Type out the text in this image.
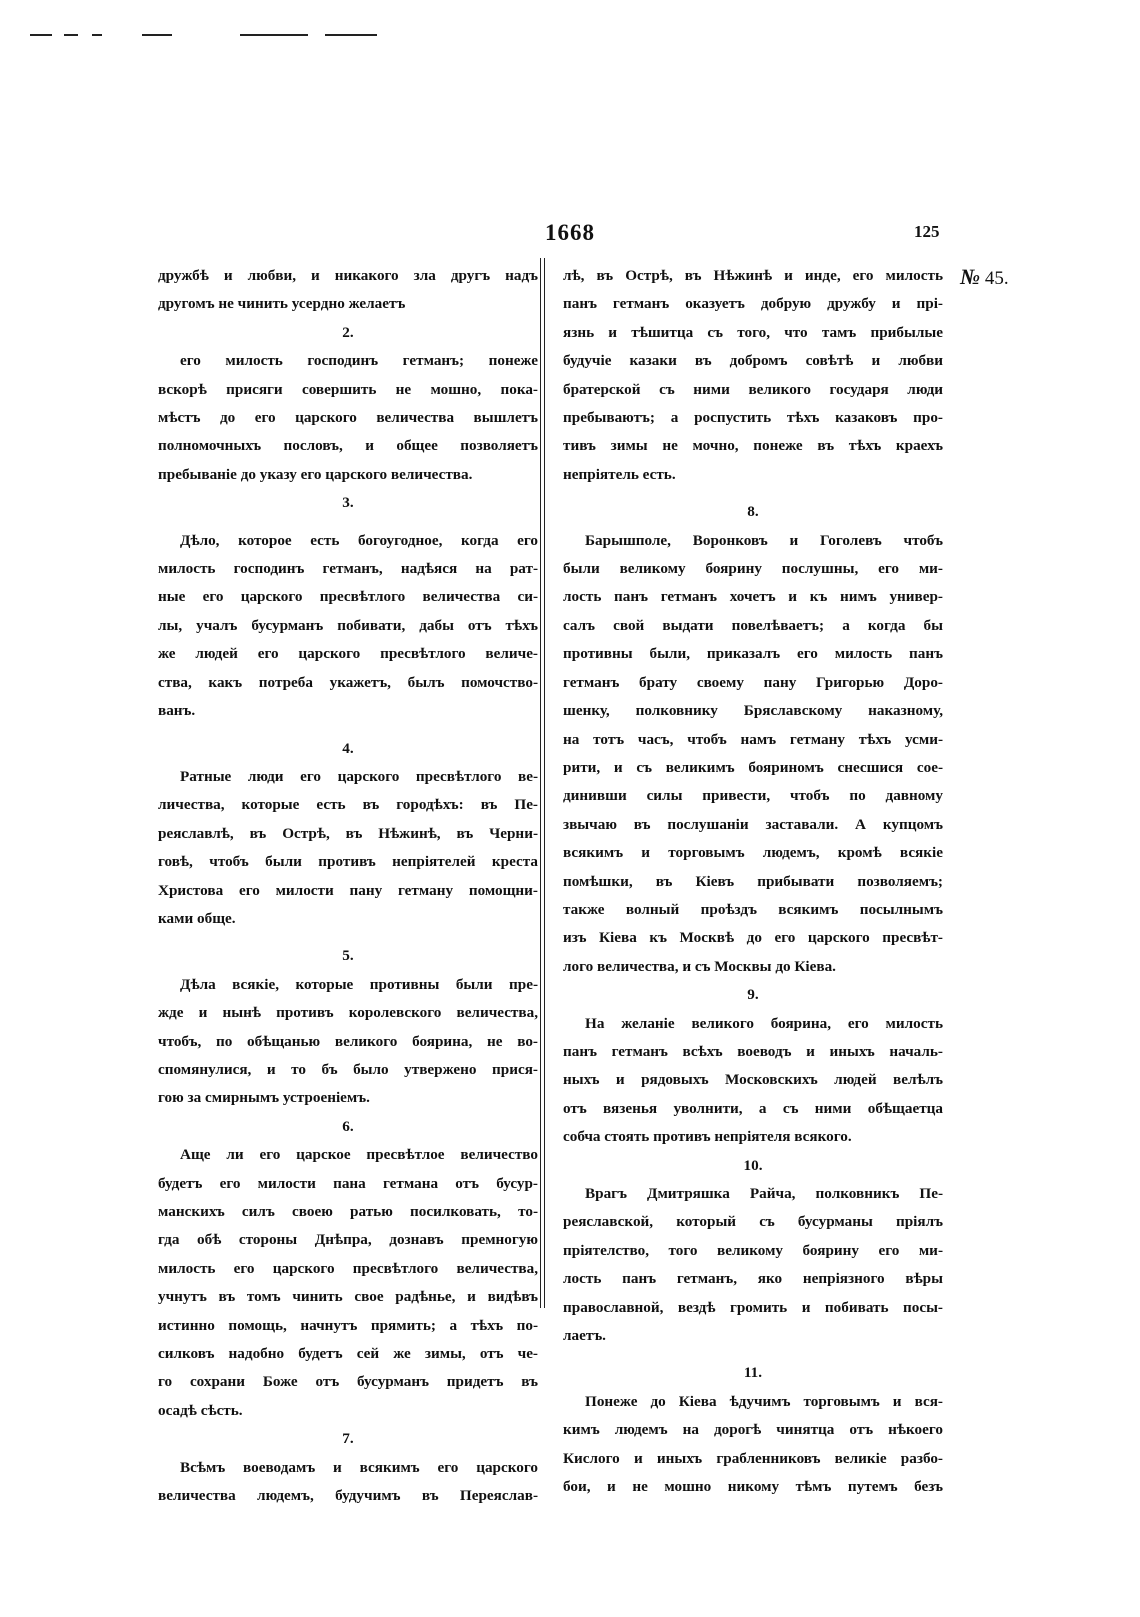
1668	125
№ 45.
дружбѣ и любви, и никакого зла другъ надъ
другомъ не чинить усердно желаетъ
2.
его милость господинъ гетманъ; понеже
вскорѣ присяги совершить не мошно, пока-
мѣстъ до его царского величества вышлетъ
полномочныхъ пословъ, и общее позволяетъ
пребываніе до указу его царского величества.
3.
Дѣло, которое есть богоугодное, когда его
милость господинъ гетманъ, надѣяся на рат-
ные его царского пресвѣтлого величества си-
лы, учалъ бусурманъ побивати, дабы отъ тѣхъ
же людей его царского пресвѣтлого величе-
ства, какъ потреба укажетъ, былъ помочство-
ванъ.
4.
Ратные люди его царского пресвѣтлого ве-
личества, которые есть въ городѣхъ: въ Пе-
реяславлѣ, въ Острѣ, въ Нѣжинѣ, въ Черни-
говѣ, чтобъ были противъ непріятелей креста
Христова его милости пану гетману помощни-
ками обще.
5.
Дѣла всякіе, которые противны были пре-
жде и нынѣ противъ королевского величества,
чтобъ, по обѣщанью великого боярина, не во-
спомянулися, и то бъ было утвержено прися-
гою за смирнымъ устроеніемъ.
6.
Аще ли его царское пресвѣтлое величество
будетъ его милости пана гетмана отъ бусур-
манскихъ силъ своею ратью посилковать, то-
гда обѣ стороны Днѣпра, дознавъ премногую
милость его царского пресвѣтлого величества,
учнутъ въ томъ чинить свое радѣнье, и видѣвъ
истинно помощь, начнутъ прямить; а тѣхъ по-
силковъ надобно будетъ сей же зимы, отъ че-
го сохрани Боже отъ бусурманъ придетъ въ
осадѣ сѣсть.
7.
Всѣмъ воеводамъ и всякимъ его царского
величества людемъ, будучимъ въ Переяслав-
лѣ, въ Острѣ, въ Нѣжинѣ и инде, его милость
панъ гетманъ оказуетъ добрую дружбу и прі-
язнь и тѣшитца съ того, что тамъ прибылые
будучіе казаки въ добромъ совѣтѣ и любви
братерской съ ними великого государя люди
пребываютъ; а роспустить тѣхъ казаковъ про-
тивъ зимы не мочно, понеже въ тѣхъ краехъ
непріятель есть.
8.
Барышполе, Воронковъ и Гоголевъ чтобъ
были великому боярину послушны, его ми-
лость панъ гетманъ хочетъ и къ нимъ универ-
салъ свой выдати повелѣваетъ; а когда бы
противны были, приказалъ его милость панъ
гетманъ брату своему пану Григорью Доро-
шенку, полковнику Бряславскому наказному,
на тотъ часъ, чтобъ намъ гетману тѣхъ усми-
рити, и съ великимъ бояриномъ снесшися сое-
динивши силы привести, чтобъ по давному
звычаю въ послушаніи заставали. А купцомъ
всякимъ и торговымъ людемъ, кромѣ всякіе
помѣшки, въ Кіевъ прибывати позволяемъ;
также волный проѣздъ всякимъ посылнымъ
изъ Кіева къ Москвѣ до его царского пресвѣт-
лого величества, и съ Москвы до Кіева.
9.
На желаніе великого боярина, его милость
панъ гетманъ всѣхъ воеводъ и иныхъ началь-
ныхъ и рядовыхъ Московскихъ людей велѣлъ
отъ вязенья уволнити, а съ ними обѣщаетца
собча стоять противъ непріятеля всякого.
10.
Врагъ Дмитряшка Райча, полковникъ Пе-
реяславской, который съ бусурманы пріялъ
пріятелство, того великому боярину его ми-
лость панъ гетманъ, яко непріязного вѣры
православной, вездѣ громить и побивать посы-
лаетъ.
11.
Понеже до Кіева ѣдучимъ торговымъ и вся-
кимъ людемъ на дорогѣ чинятца отъ нѣкоего
Кислого и иныхъ грабленниковъ великіе разбо-
бои, и не мошно никому тѣмъ путемъ безъ
